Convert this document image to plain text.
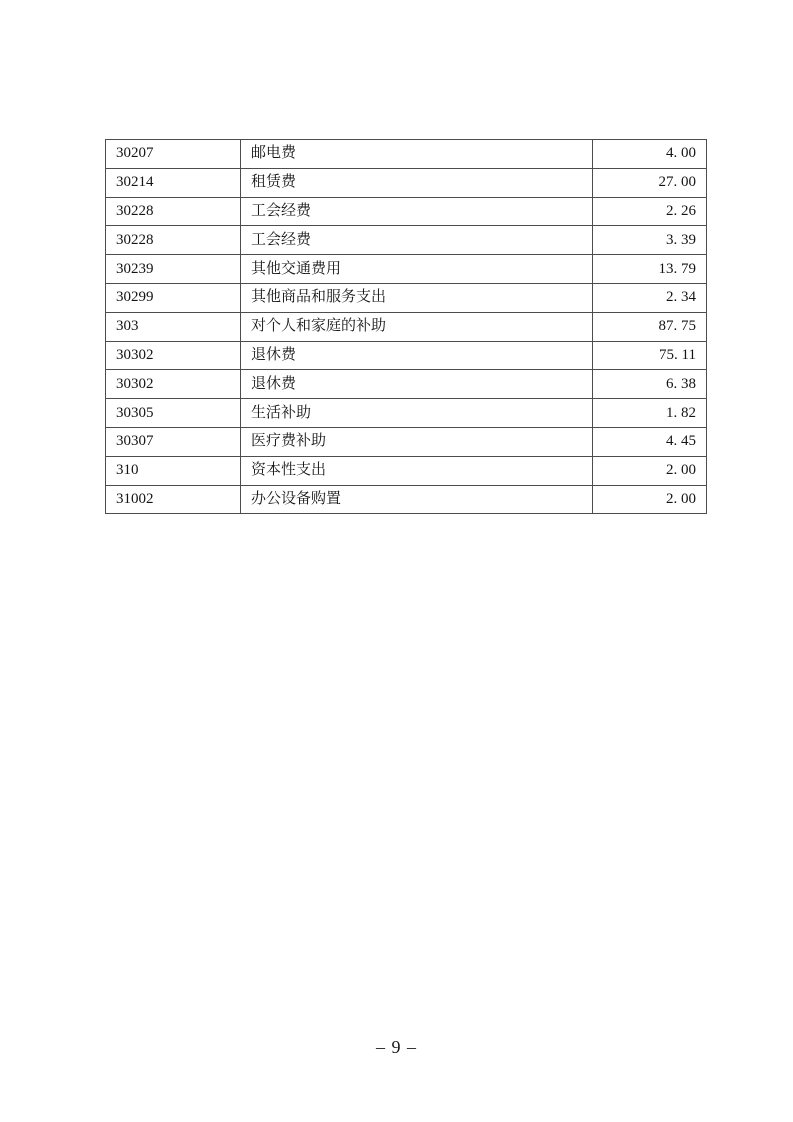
30207	邮电费	4. 00
30214	租赁费	27. 00
30228	工会经费	2. 26
30228	工会经费	3. 39
30239	其他交通费用	13. 79
30299	其他商品和服务支出	2. 34
303	对个人和家庭的补助	87. 75
30302	退休费	75. 11
30302	退休费	6. 38
30305	生活补助	1. 82
30307	医疗费补助	4. 45
310	资本性支出	2. 00
31002	办公设备购置	2. 00
– 9 –
